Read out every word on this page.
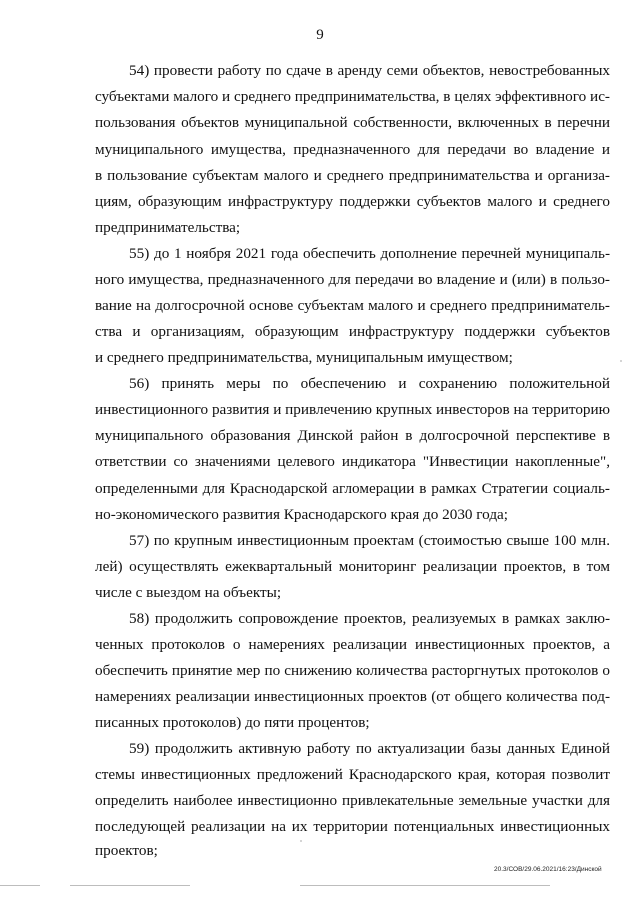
9
54) провести работу по сдаче в аренду семи объектов, невостребованных
субъектами малого и среднего предпринимательства, в целях эффективного ис-
пользования объектов муниципальной собственности, включенных в перечни
муниципального имущества, предназначенного для передачи во владение и
в пользование субъектам малого и среднего предпринимательства и организа-
циям, образующим инфраструктуру поддержки субъектов малого и среднего
предпринимательства;
55) до 1 ноября 2021 года обеспечить дополнение перечней муниципаль-
ного имущества, предназначенного для передачи во владение и (или) в пользо-
вание на долгосрочной основе субъектам малого и среднего предприниматель-
ства и организациям, образующим инфраструктуру поддержки субъектов
и среднего предпринимательства, муниципальным имуществом;
56) принять меры по обеспечению и сохранению положительной
инвестиционного развития и привлечению крупных инвесторов на территорию
муниципального образования Динской район в долгосрочной перспективе в
ответствии со значениями целевого индикатора "Инвестиции накопленные",
определенными для Краснодарской агломерации в рамках Стратегии социаль-
но-экономического развития Краснодарского края до 2030 года;
57) по крупным инвестиционным проектам (стоимостью свыше 100 млн.
лей) осуществлять ежеквартальный мониторинг реализации проектов, в том
числе с выездом на объекты;
58) продолжить сопровождение проектов, реализуемых в рамках заклю-
ченных протоколов о намерениях реализации инвестиционных проектов, а
обеспечить принятие мер по снижению количества расторгнутых протоколов о
намерениях реализации инвестиционных проектов (от общего количества под-
писанных протоколов) до пяти процентов;
59) продолжить активную работу по актуализации базы данных Единой
стемы инвестиционных предложений Краснодарского края, которая позволит
определить наиболее инвестиционно привлекательные земельные участки для
последующей реализации на их территории потенциальных инвестиционных
проектов;
20.3/СОВ/29.06.2021/16:23/Динской
